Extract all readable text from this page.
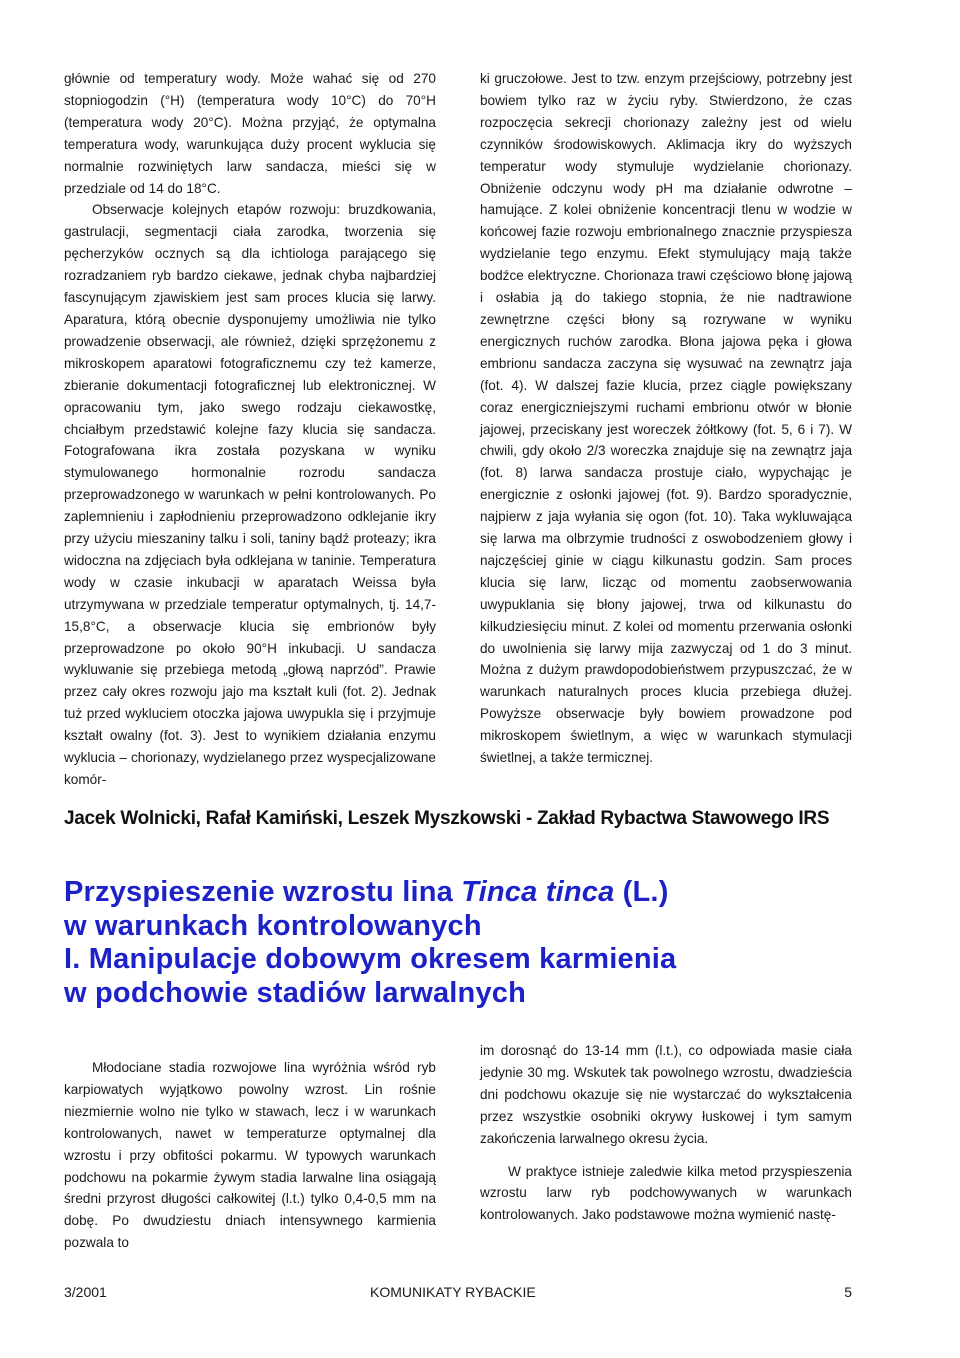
głównie od temperatury wody. Może wahać się od 270 stopniogodzin (°H) (temperatura wody 10°C) do 70°H (temperatura wody 20°C). Można przyjąć, że optymalna temperatura wody, warunkująca duży procent wyklucia się normalnie rozwiniętych larw sandacza, mieści się w przedziale od 14 do 18°C.

Obserwacje kolejnych etapów rozwoju: bruzdkowania, gastrulacji, segmentacji ciała zarodka, tworzenia się pęcherzyków ocznych są dla ichtiologa parającego się rozradzaniem ryb bardzo ciekawe, jednak chyba najbardziej fascynującym zjawiskiem jest sam proces klucia się larwy. Aparatura, którą obecnie dysponujemy umożliwia nie tylko prowadzenie obserwacji, ale również, dzięki sprzężonemu z mikroskopem aparatowi fotograficznemu czy też kamerze, zbieranie dokumentacji fotograficznej lub elektronicznej. W opracowaniu tym, jako swego rodzaju ciekawostkę, chciałbym przedstawić kolejne fazy klucia się sandacza. Fotografowana ikra została pozyskana w wyniku stymulowanego hormonalnie rozrodu sandacza przeprowadzonego w warunkach w pełni kontrolowanych. Po zaplemnieniu i zapłodnieniu przeprowadzono odklejanie ikry przy użyciu mieszaniny talku i soli, taniny bądź proteazy; ikra widoczna na zdjęciach była odklejana w taninie. Temperatura wody w czasie inkubacji w aparatach Weissa była utrzymywana w przedziale temperatur optymalnych, tj. 14,7-15,8°C, a obserwacje klucia się embrionów były przeprowadzone po około 90°H inkubacji. U sandacza wykluwanie się przebiega metodą „głową naprzód”. Prawie przez cały okres rozwoju jajo ma kształt kuli (fot. 2). Jednak tuż przed wykluciem otoczka jajowa uwypukla się i przyjmuje kształt owalny (fot. 3). Jest to wynikiem działania enzymu wyklucia – chorionazy, wydzielanego przez wyspecjalizowane komór-

ki gruczołowe. Jest to tzw. enzym przejściowy, potrzebny jest bowiem tylko raz w życiu ryby. Stwierdzono, że czas rozpoczęcia sekrecji chorionazy zależny jest od wielu czynników środowiskowych. Aklimacja ikry do wyższych temperatur wody stymuluje wydzielanie chorionazy. Obniżenie odczynu wody pH ma działanie odwrotne – hamujące. Z kolei obniżenie koncentracji tlenu w wodzie w końcowej fazie rozwoju embrionalnego znacznie przyspiesza wydzielanie tego enzymu. Efekt stymulujący mają także bodźce elektryczne. Chorionaza trawi częściowo błonę jajową i osłabia ją do takiego stopnia, że nie nadtrawione zewnętrzne części błony są rozrywane w wyniku energicznych ruchów zarodka. Błona jajowa pęka i głowa embrionu sandacza zaczyna się wysuwać na zewnątrz jaja (fot. 4). W dalszej fazie klucia, przez ciągle powiększany coraz energiczniejszymi ruchami embrionu otwór w błonie jajowej, przeciskany jest woreczek żółtkowy (fot. 5, 6 i 7). W chwili, gdy około 2/3 woreczka znajduje się na zewnątrz jaja (fot. 8) larwa sandacza prostuje ciało, wypychając je energicznie z osłonki jajowej (fot. 9). Bardzo sporadycznie, najpierw z jaja wyłania się ogon (fot. 10). Taka wykluwająca się larwa ma olbrzymie trudności z oswobodzeniem głowy i najczęściej ginie w ciągu kilkunastu godzin. Sam proces klucia się larw, licząc od momentu zaobserwowania uwypuklania się błony jajowej, trwa od kilkunastu do kilkudziesięciu minut. Z kolei od momentu przerwania osłonki do uwolnienia się larwy mija zazwyczaj od 1 do 3 minut. Można z dużym prawdopodobieństwem przypuszczać, że w warunkach naturalnych proces klucia przebiega dłużej. Powyższe obserwacje były bowiem prowadzone pod mikroskopem świetlnym, a więc w warunkach stymulacji świetlnej, a także termicznej.

Jacek Wolnicki, Rafał Kamiński, Leszek Myszkowski - Zakład Rybactwa Stawowego IRS
Przyspieszenie wzrostu lina Tinca tinca (L.)
w warunkach kontrolowanych
I. Manipulacje dobowym okresem karmienia
w podchowie stadiów larwalnych

Młodociane stadia rozwojowe lina wyróżnia wśród ryb karpiowatych wyjątkowo powolny wzrost. Lin rośnie niezmiernie wolno nie tylko w stawach, lecz i w warunkach kontrolowanych, nawet w temperaturze optymalnej dla wzrostu i przy obfitości pokarmu. W typowych warunkach podchowu na pokarmie żywym stadia larwalne lina osiągają średni przyrost długości całkowitej (l.t.) tylko 0,4-0,5 mm na dobę. Po dwudziestu dniach intensywnego karmienia pozwala to

im dorosnąć do 13-14 mm (l.t.), co odpowiada masie ciała jedynie 30 mg. Wskutek tak powolnego wzrostu, dwadzieścia dni podchowu okazuje się nie wystarczać do wykształcenia przez wszystkie osobniki okrywy łuskowej i tym samym zakończenia larwalnego okresu życia.

W praktyce istnieje zaledwie kilka metod przyspieszenia wzrostu larw ryb podchowywanych w warunkach kontrolowanych. Jako podstawowe można wymienić nastę-

3/2001	KOMUNIKATY RYBACKIE	5
